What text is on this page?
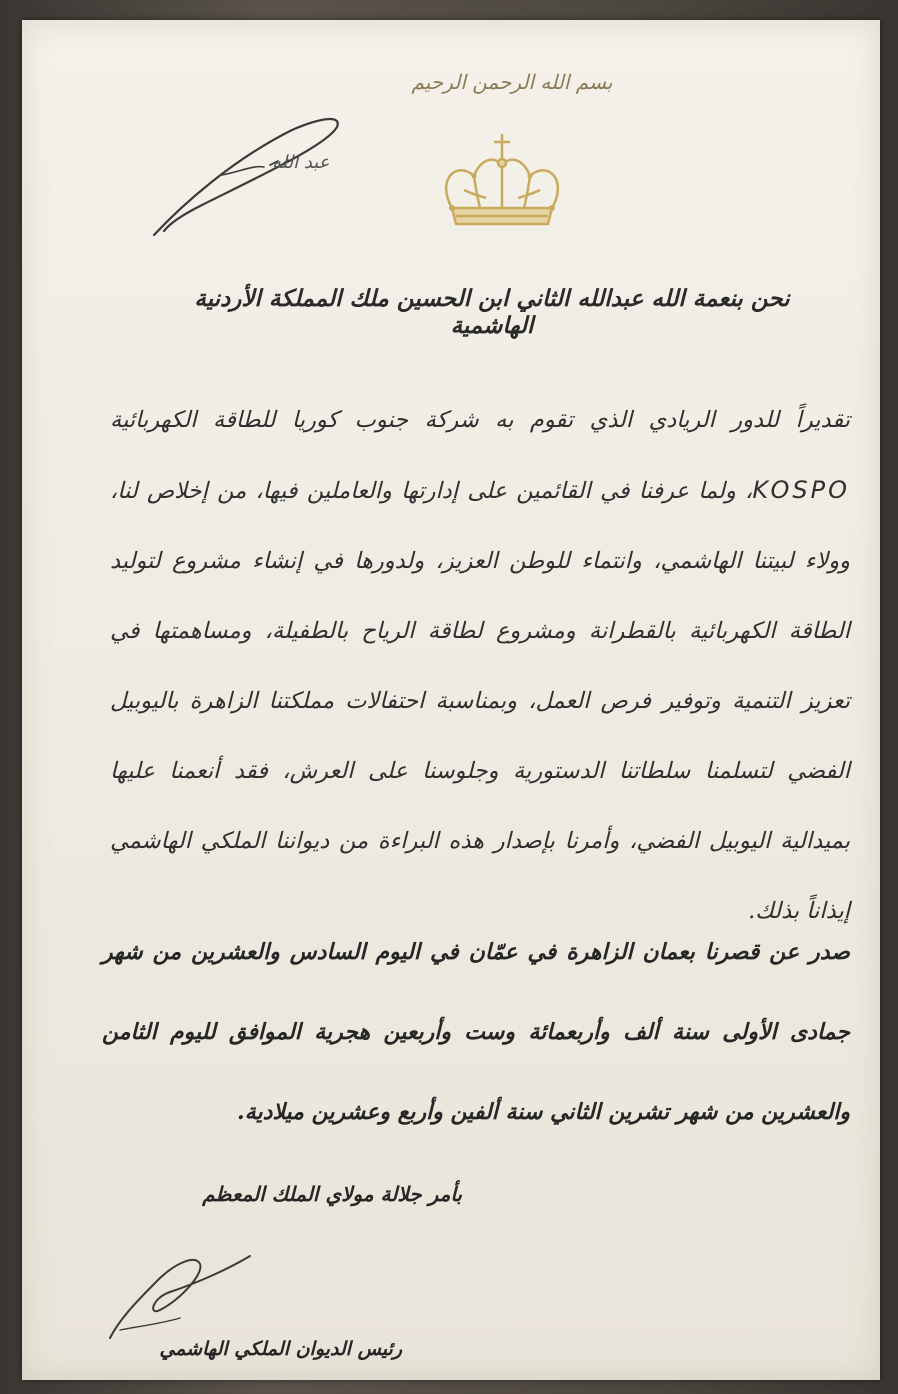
بسم الله الرحمن الرحيم
عبد الله
نحن بنعمة الله عبدالله الثاني ابن الحسين ملك المملكة الأردنية الهاشمية
تقديراً للدور الريادي الذي تقوم به شركة جنوب كوريا للطاقة الكهربائية KOSPO، ولما عرفنا في القائمين على إدارتها والعاملين فيها، من إخلاص لنا، وولاء لبيتنا الهاشمي، وانتماء للوطن العزيز، ولدورها في إنشاء مشروع لتوليد الطاقة الكهربائية بالقطرانة ومشروع لطاقة الرياح بالطفيلة، ومساهمتها في تعزيز التنمية وتوفير فرص العمل، وبمناسبة احتفالات مملكتنا الزاهرة باليوبيل الفضي لتسلمنا سلطاتنا الدستورية وجلوسنا على العرش، فقد أنعمنا عليها بميدالية اليوبيل الفضي، وأمرنا بإصدار هذه البراءة من ديواننا الملكي الهاشمي إيذاناً بذلك.
صدر عن قصرنا بعمان الزاهرة في عمّان في اليوم السادس والعشرين من شهر جمادى الأولى سنة ألف وأربعمائة وست وأربعين هجرية الموافق لليوم الثامن والعشرين من شهر تشرين الثاني سنة ألفين وأربع وعشرين ميلادية.
بأمر جلالة مولاي الملك المعظم
رئيس الديوان الملكي الهاشمي
